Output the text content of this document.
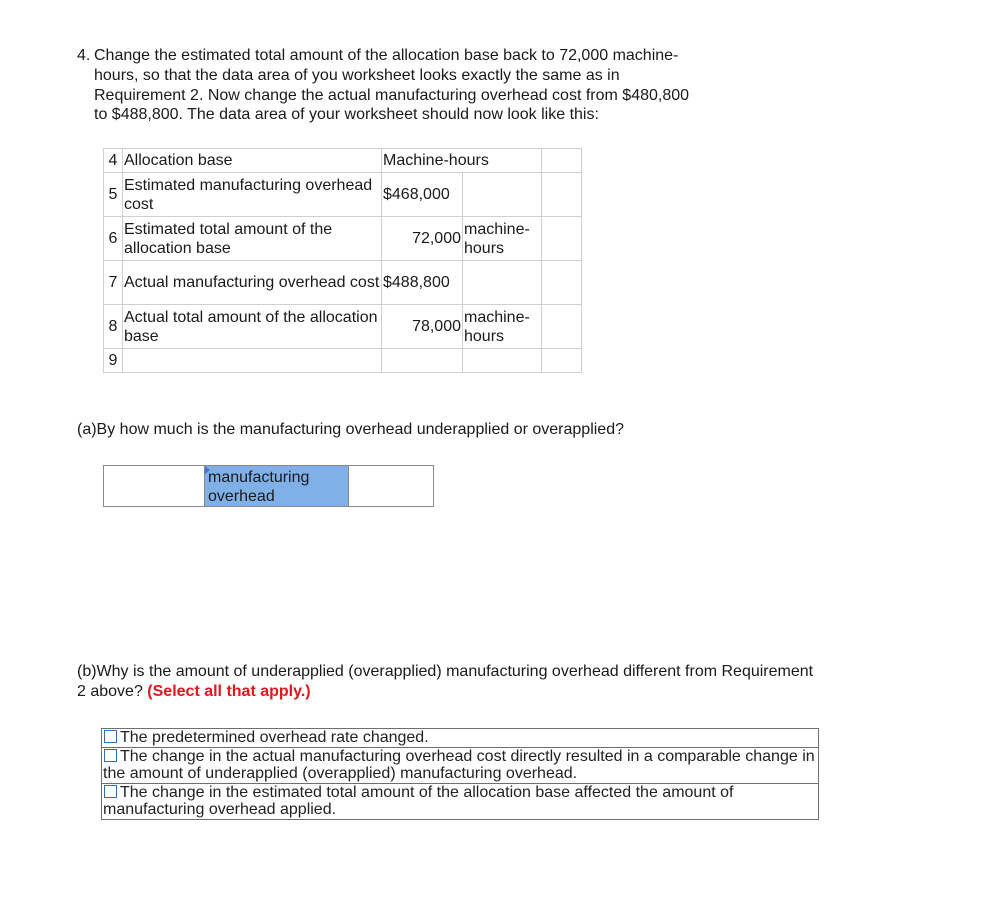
4. Change the estimated total amount of the allocation base back to 72,000 machine-hours, so that the data area of you worksheet looks exactly the same as in Requirement 2. Now change the actual manufacturing overhead cost from $480,800 to $488,800. The data area of your worksheet should now look like this:
4	Allocation base	Machine-hours		
5	Estimated manufacturing overhead cost	$468,000		
6	Estimated total amount of the allocation base	72,000	machine-hours	
7	Actual manufacturing overhead cost	$488,800		
8	Actual total amount of the allocation base	78,000	machine-hours	
9				
(a)By how much is the manufacturing overhead underapplied or overapplied?
manufacturing overhead
(b)Why is the amount of underapplied (overapplied) manufacturing overhead different from Requirement 2 above? (Select all that apply.)
The predetermined overhead rate changed.
The change in the actual manufacturing overhead cost directly resulted in a comparable change in the amount of underapplied (overapplied) manufacturing overhead.
The change in the estimated total amount of the allocation base affected the amount of manufacturing overhead applied.
